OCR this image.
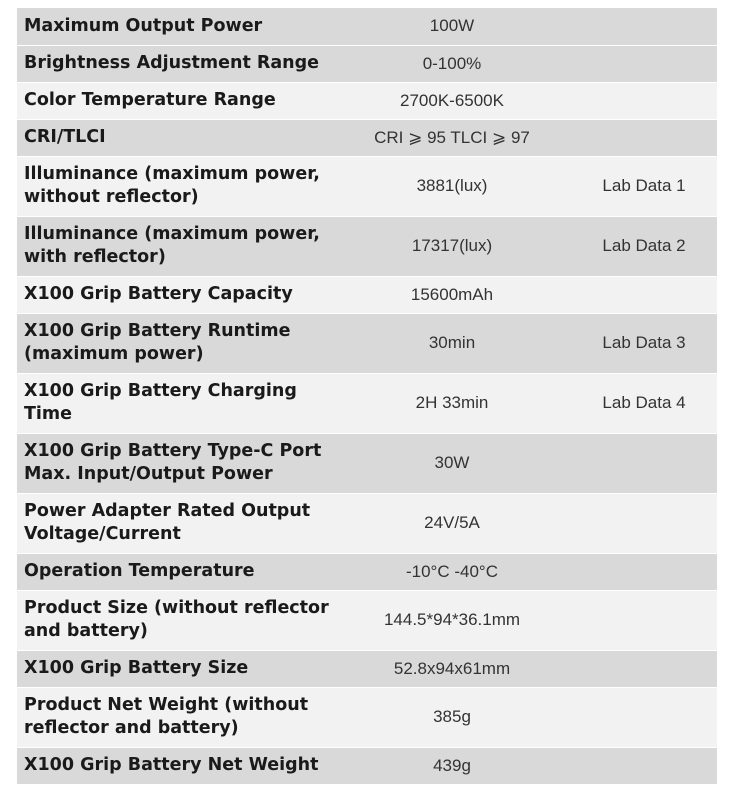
Maximum Output Power	100W	
Brightness Adjustment Range	0-100%	
Color Temperature Range	2700K-6500K	
CRI/TLCI	CRI ⩾ 95 TLCI ⩾ 97	
Illuminance (maximum power, without reflector)	3881(lux)	Lab Data 1
Illuminance (maximum power, with reflector)	17317(lux)	Lab Data 2
X100 Grip Battery Capacity	15600mAh	
X100 Grip Battery Runtime (maximum power)	30min	Lab Data 3
X100 Grip Battery Charging Time	2H 33min	Lab Data 4
X100 Grip Battery Type-C Port Max. Input/Output Power	30W	
Power Adapter Rated Output Voltage/Current	24V/5A	
Operation Temperature	-10°C -40°C	
Product Size (without reflector and battery)	144.5*94*36.1mm	
X100 Grip Battery Size	52.8x94x61mm	
Product Net Weight (without reflector and battery)	385g	
X100 Grip Battery Net Weight	439g	
